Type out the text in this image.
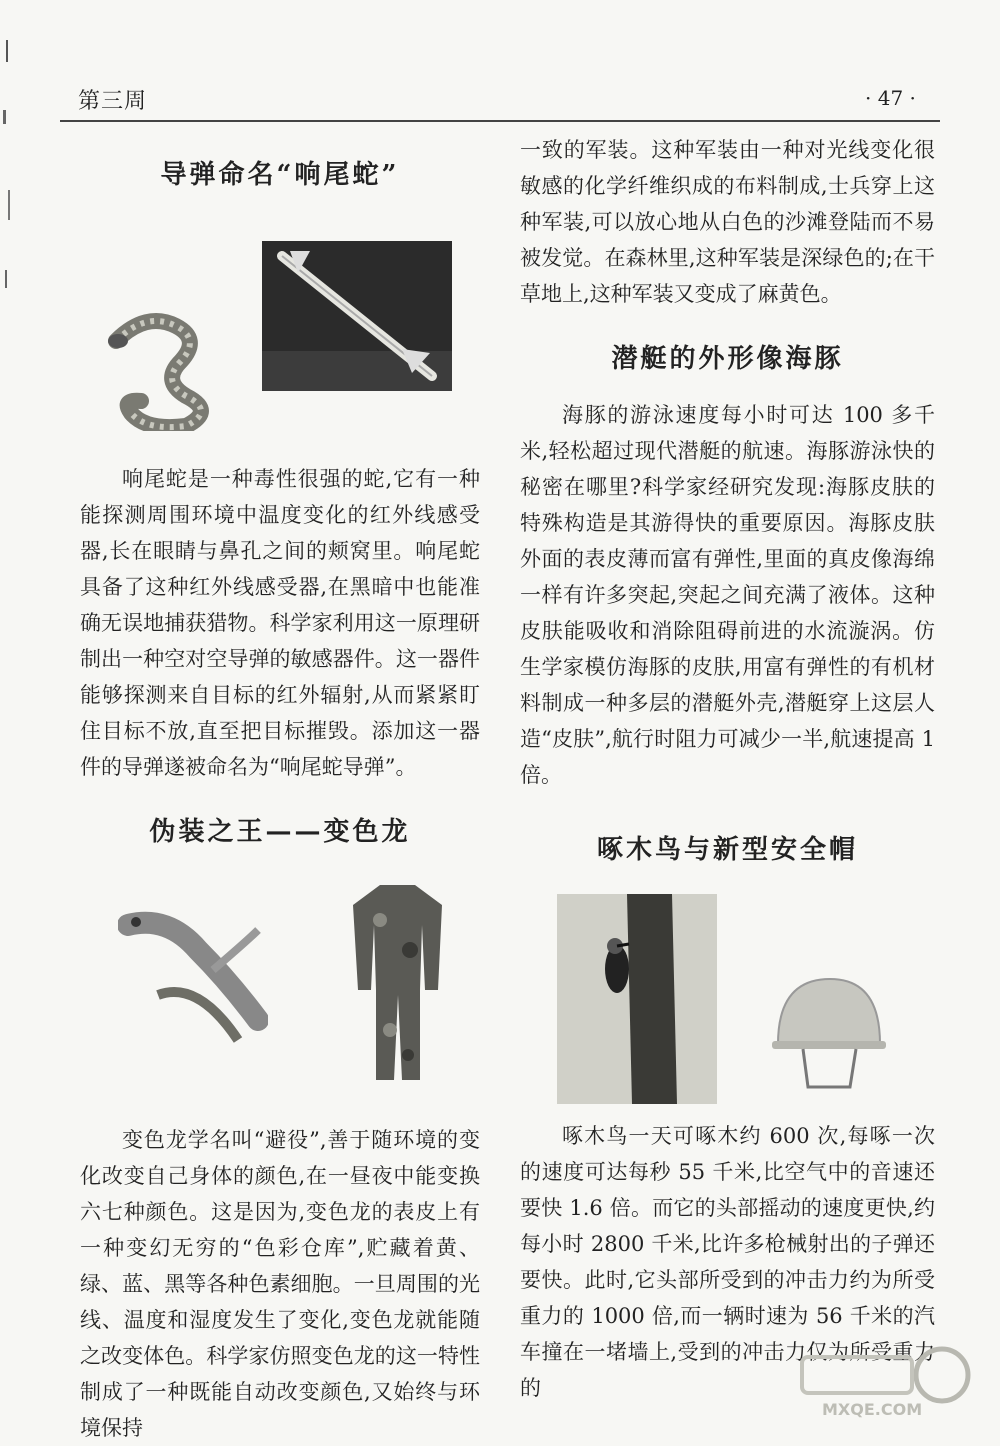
第三周	· 47 ·
导弹命名“响尾蛇”

响尾蛇是一种毒性很强的蛇,它有一种能探测周围环境中温度变化的红外线感受器,长在眼睛与鼻孔之间的颊窝里。响尾蛇具备了这种红外线感受器,在黑暗中也能准确无误地捕获猎物。科学家利用这一原理研制出一种空对空导弹的敏感器件。这一器件能够探测来自目标的红外辐射,从而紧紧盯住目标不放,直至把目标摧毁。添加这一器件的导弹遂被命名为“响尾蛇导弹”。

伪装之王——变色龙

变色龙学名叫“避役”,善于随环境的变化改变自己身体的颜色,在一昼夜中能变换六七种颜色。这是因为,变色龙的表皮上有一种变幻无穷的“色彩仓库”,贮藏着黄、绿、蓝、黑等各种色素细胞。一旦周围的光线、温度和湿度发生了变化,变色龙就能随之改变体色。科学家仿照变色龙的这一特性制成了一种既能自动改变颜色,又始终与环境保持

一致的军装。这种军装由一种对光线变化很敏感的化学纤维织成的布料制成,士兵穿上这种军装,可以放心地从白色的沙滩登陆而不易被发觉。在森林里,这种军装是深绿色的;在干草地上,这种军装又变成了麻黄色。

潜艇的外形像海豚

海豚的游泳速度每小时可达 100 多千米,轻松超过现代潜艇的航速。海豚游泳快的秘密在哪里?科学家经研究发现:海豚皮肤的特殊构造是其游得快的重要原因。海豚皮肤外面的表皮薄而富有弹性,里面的真皮像海绵一样有许多突起,突起之间充满了液体。这种皮肤能吸收和消除阻碍前进的水流漩涡。仿生学家模仿海豚的皮肤,用富有弹性的有机材料制成一种多层的潜艇外壳,潜艇穿上这层人造“皮肤”,航行时阻力可减少一半,航速提高 1 倍。

啄木鸟与新型安全帽

啄木鸟一天可啄木约 600 次,每啄一次的速度可达每秒 55 千米,比空气中的音速还要快 1.6 倍。而它的头部摇动的速度更快,约每小时 2800 千米,比许多枪械射出的子弹还要快。此时,它头部所受到的冲击力约为所受重力的 1000 倍,而一辆时速为 56 千米的汽车撞在一堵墙上,受到的冲击力仅为所受重力的

MXQE.COM
